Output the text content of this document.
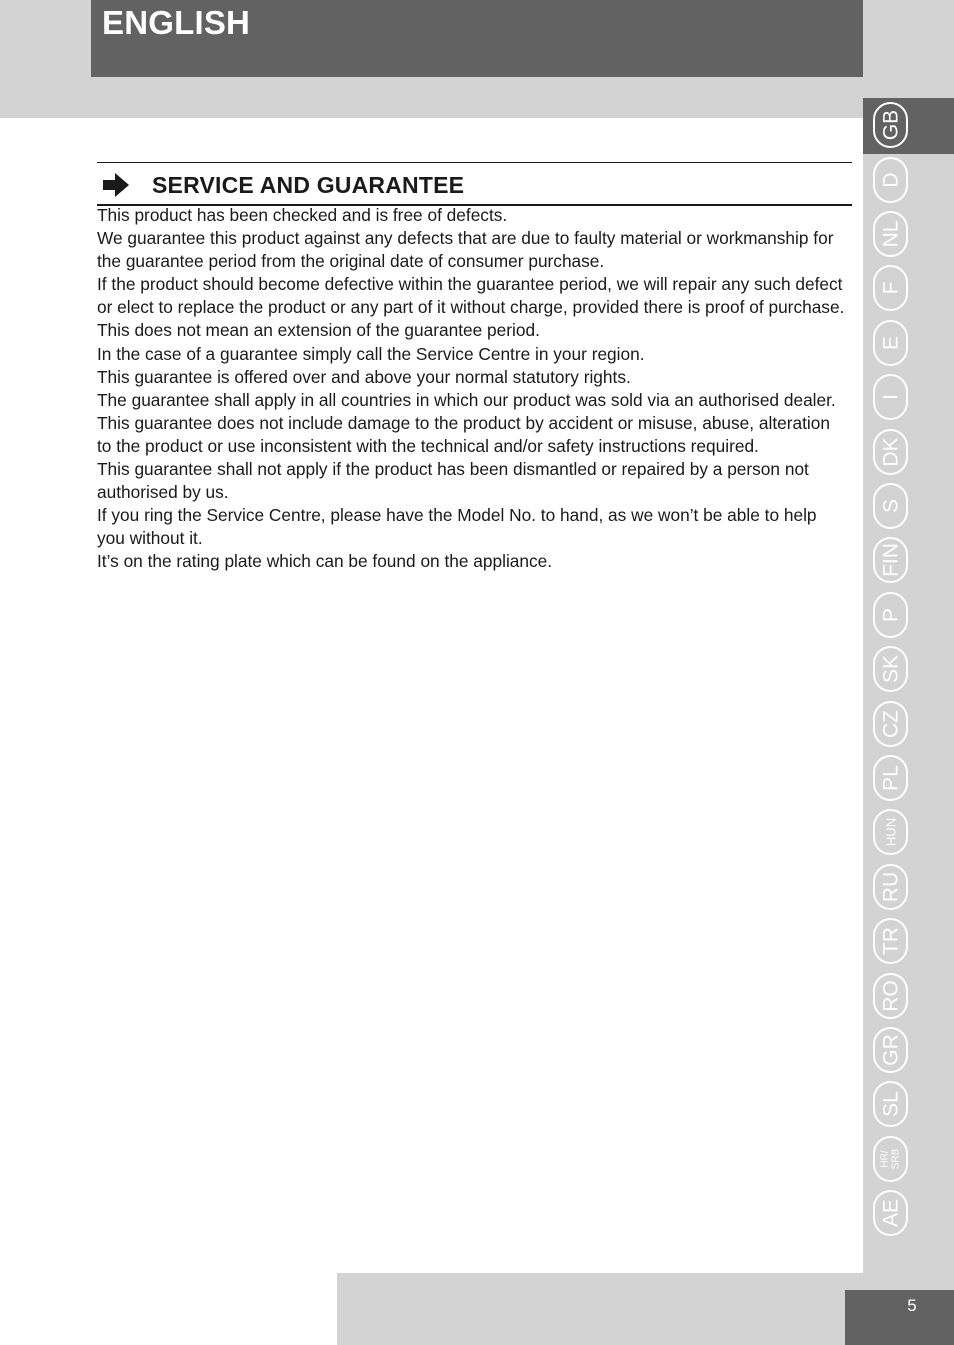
ENGLISH
GB
D
NL
F
E
I
DK
S
FIN
P
SK
CZ
PL
HUN
RU
TR
RO
GR
SL
HR/ SRB
AE
SERVICE AND GUARANTEE

This product has been checked and is free of defects.

We guarantee this product against any defects that are due to faulty material or workmanship for the guarantee period from the original date of consumer purchase.

If the product should become defective within the guarantee period, we will repair any such defect or elect to replace the product or any part of it without charge, provided there is proof of purchase.

This does not mean an extension of the guarantee period.

In the case of a guarantee simply call the Service Centre in your region.

This guarantee is offered over and above your normal statutory rights.

The guarantee shall apply in all countries in which our product was sold via an authorised dealer.

This guarantee does not include damage to the product by accident or misuse, abuse, alteration to the product or use inconsistent with the technical and/or safety instructions required.

This guarantee shall not apply if the product has been dismantled or repaired by a person not authorised by us.

If you ring the Service Centre, please have the Model No. to hand, as we won’t be able to help you without it.

It’s on the rating plate which can be found on the appliance.

5
